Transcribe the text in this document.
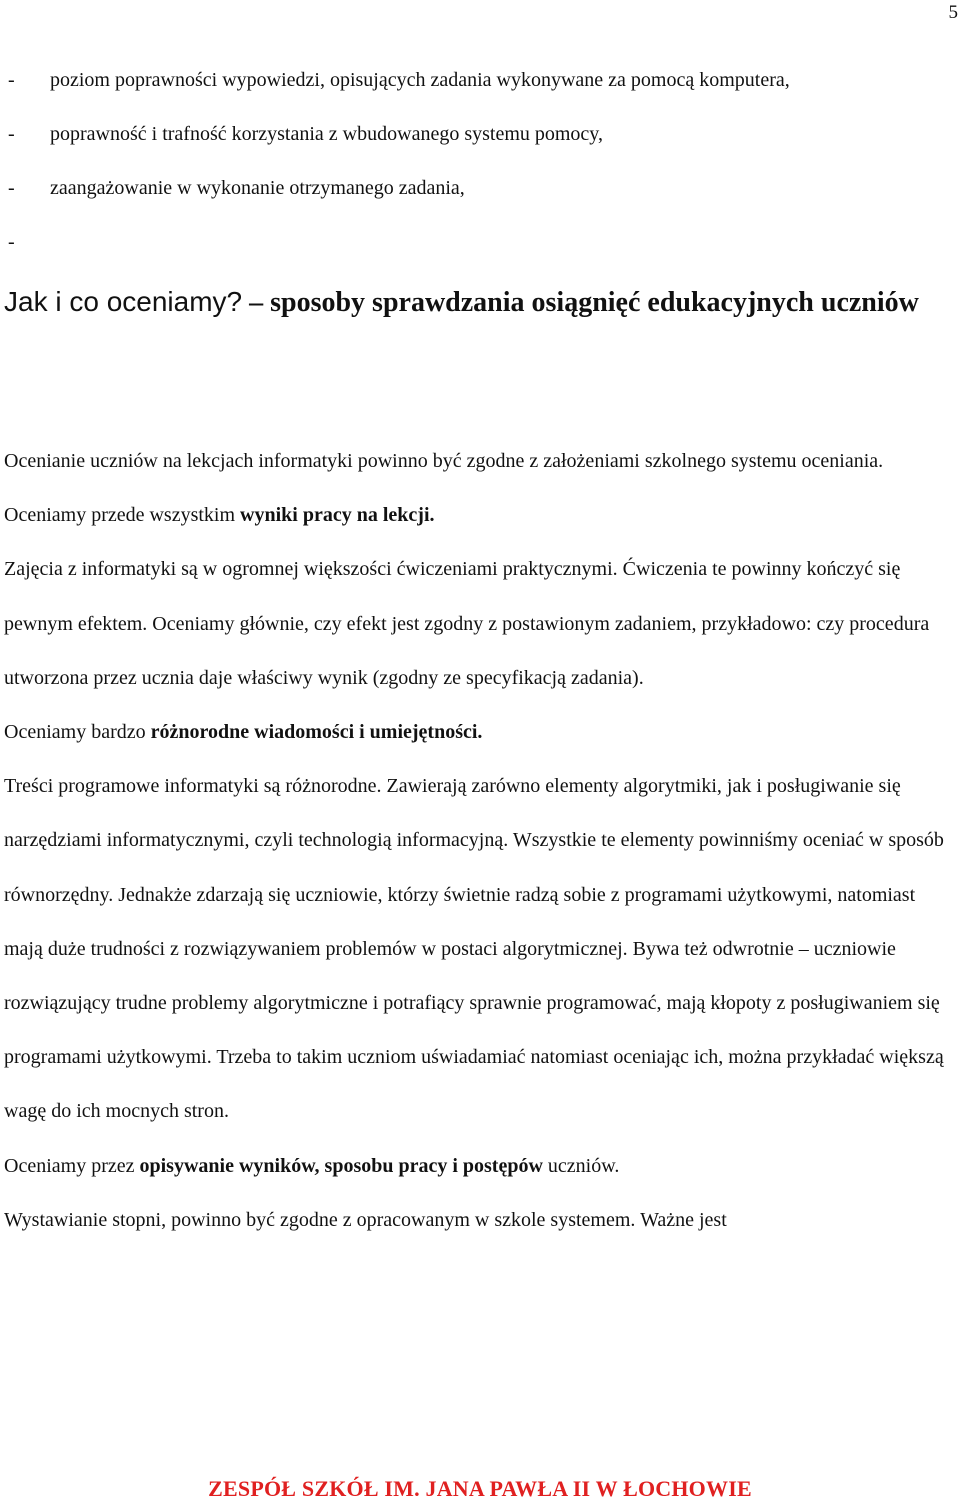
5
- poziom poprawności wypowiedzi, opisujących zadania wykonywane za pomocą komputera,
- poprawność i trafność korzystania z wbudowanego systemu pomocy,
- zaangażowanie w wykonanie otrzymanego zadania,
-
Jak i co oceniamy? – sposoby sprawdzania osiągnięć edukacyjnych uczniów

Ocenianie uczniów na lekcjach informatyki powinno być zgodne z założeniami szkolnego systemu oceniania.

Oceniamy przede wszystkim wyniki pracy na lekcji.

Zajęcia z informatyki są w ogromnej większości ćwiczeniami praktycznymi. Ćwiczenia te powinny kończyć się pewnym efektem. Oceniamy głównie, czy efekt jest zgodny z postawionym zadaniem, przykładowo: czy procedura utworzona przez ucznia daje właściwy wynik (zgodny ze specyfikacją zadania).

Oceniamy bardzo różnorodne wiadomości i umiejętności.

Treści programowe informatyki są różnorodne. Zawierają zarówno elementy algorytmiki, jak i posługiwanie się narzędziami informatycznymi, czyli technologią informacyjną. Wszystkie te elementy powinniśmy oceniać w sposób równorzędny. Jednakże zdarzają się uczniowie, którzy świetnie radzą sobie z programami użytkowymi, natomiast mają duże trudności z rozwiązywaniem problemów w postaci algorytmicznej. Bywa też odwrotnie – uczniowie rozwiązujący trudne problemy algorytmiczne i potrafiący sprawnie programować, mają kłopoty z posługiwaniem się programami użytkowymi. Trzeba to takim uczniom uświadamiać natomiast oceniając ich, można przykładać większą wagę do ich mocnych stron.

Oceniamy przez opisywanie wyników, sposobu pracy i postępów uczniów.

Wystawianie stopni, powinno być zgodne z opracowanym w szkole systemem. Ważne jest

ZESPÓŁ SZKÓŁ IM. JANA PAWŁA II W ŁOCHOWIE
